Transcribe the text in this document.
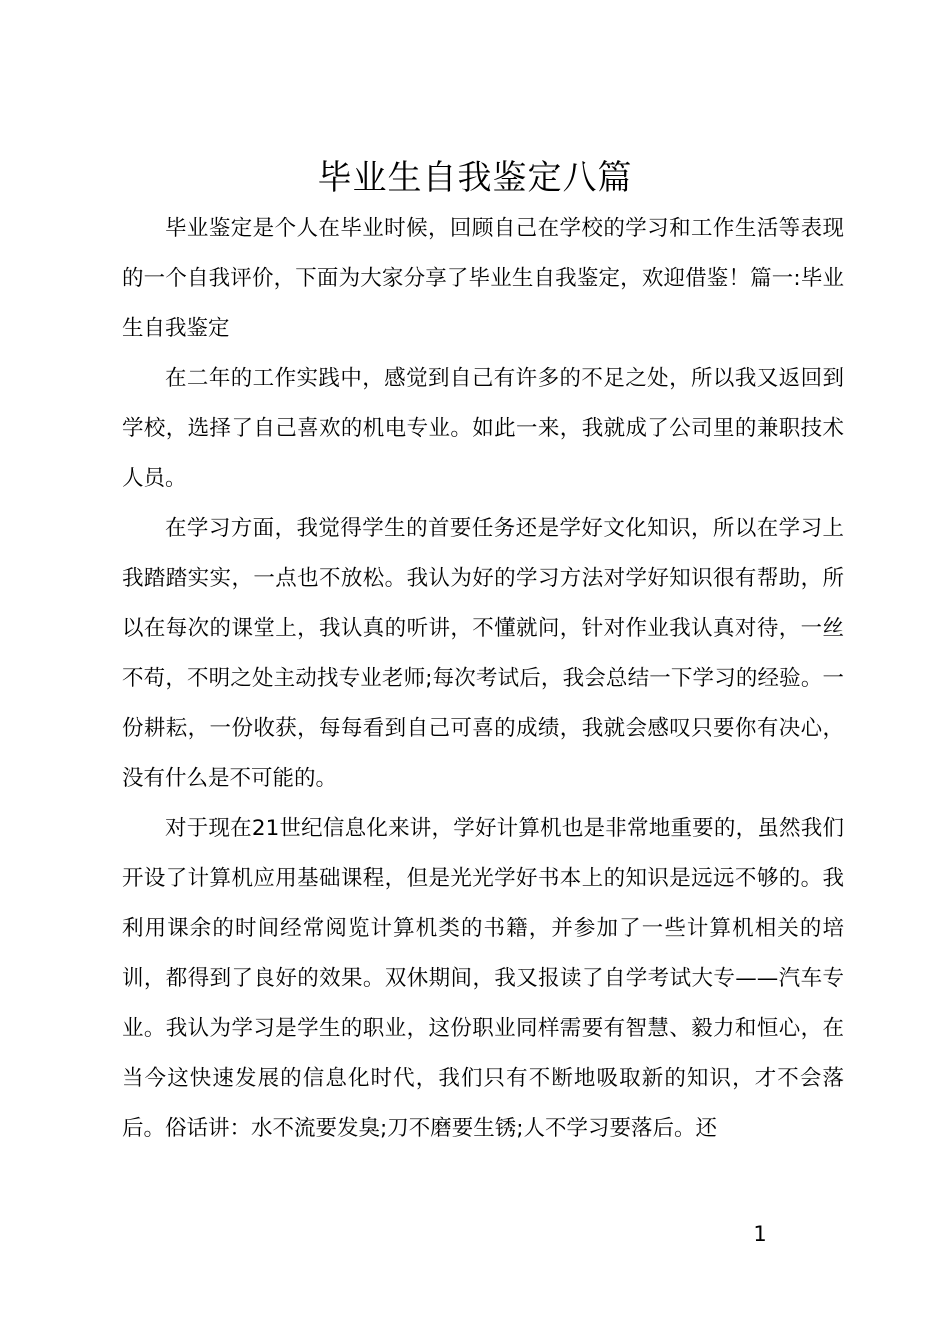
毕业生自我鉴定八篇

毕业鉴定是个人在毕业时候，回顾自己在学校的学习和工作生活等表现的一个自我评价，下面为大家分享了毕业生自我鉴定，欢迎借鉴！篇一:毕业生自我鉴定

在二年的工作实践中，感觉到自己有许多的不足之处，所以我又返回到学校，选择了自己喜欢的机电专业。如此一来，我就成了公司里的兼职技术人员。

在学习方面，我觉得学生的首要任务还是学好文化知识，所以在学习上我踏踏实实，一点也不放松。我认为好的学习方法对学好知识很有帮助，所以在每次的课堂上，我认真的听讲，不懂就问，针对作业我认真对待，一丝不苟，不明之处主动找专业老师;每次考试后，我会总结一下学习的经验。一份耕耘，一份收获，每每看到自己可喜的成绩，我就会感叹只要你有决心，没有什么是不可能的。

对于现在21世纪信息化来讲，学好计算机也是非常地重要的，虽然我们开设了计算机应用基础课程，但是光光学好书本上的知识是远远不够的。我利用课余的时间经常阅览计算机类的书籍，并参加了一些计算机相关的培训，都得到了良好的效果。双休期间，我又报读了自学考试大专——汽车专业。我认为学习是学生的职业，这份职业同样需要有智慧、毅力和恒心，在当今这快速发展的信息化时代，我们只有不断地吸取新的知识，才不会落后。俗话讲：水不流要发臭;刀不磨要生锈;人不学习要落后。还

1
